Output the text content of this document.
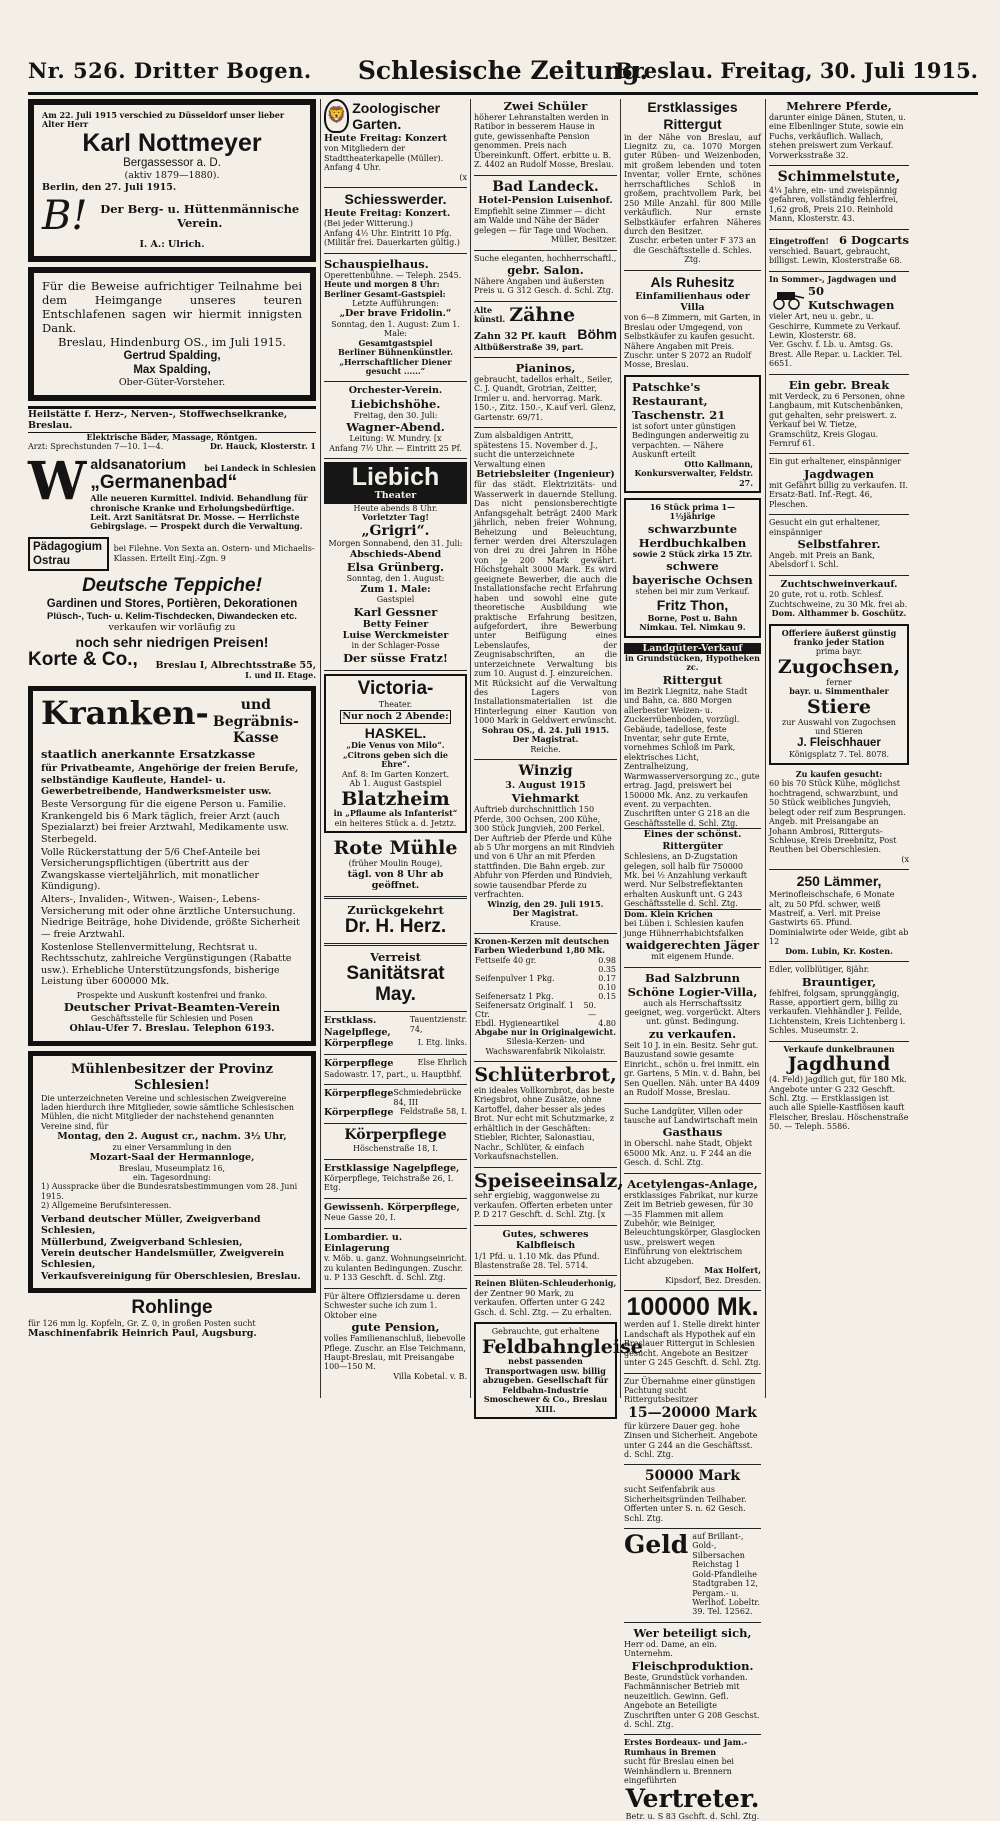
Nr. 526. Dritter Bogen.	Schlesische Zeitung.
Breslau. Freitag, 30. Juli 1915.
Am 22. Juli 1915 verschied zu Düsseldorf unser lieber Alter Herr
Karl Nottmeyer
Bergassessor a. D.
(aktiv 1879—1880).
Berlin, den 27. Juli 1915.
B! Der Berg- u. Hüttenmännische Verein.
I. A.: Ulrich.
Für die Beweise aufrichtiger Teilnahme bei dem Heimgange unseres teuren Entschlafenen sagen wir hiermit innigsten Dank.
Breslau, Hindenburg OS., im Juli 1915.
Gertrud Spalding,
Max Spalding,
Ober-Güter-Vorsteher.
Heilstätte f. Herz-, Nerven-, Stoffwechselkranke, Breslau.
Elektrische Bäder, Massage, Röntgen.
Arzt: Sprechstunden 7—10. 1—4.	Dr. Hauck, Klosterstr. 1
W aldsanatorium bei Landeck in Schlesien
„Germanenbad“
Alle neueren Kurmittel. Individ. Behandlung für chronische Kranke und Erholungsbedürftige. Leit. Arzt Sanitätsrat Dr. Mosse. — Herrlichste Gebirgslage. — Prospekt durch die Verwaltung.
Pädagogium Ostrau
bei Filehne. Von Sexta an. Ostern- und Michaelis-Klassen. Erteilt Einj.-Zgn. 9
Deutsche Teppiche!
Gardinen und Stores, Portièren, Dekorationen
Plüsch-, Tuch- u. Kelim-Tischdecken, Diwandecken etc.
verkaufen wir vorläufig zu
noch sehr niedrigen Preisen!
Korte & Co., Breslau I, Albrechtsstraße 55,
I. und II. Etage.
Kranken-	und Begräbnis-Kasse
staatlich anerkannte Ersatzkasse
für Privatbeamte, Angehörige der freien Berufe, selbständige Kaufleute, Handel- u. Gewerbetreibende, Handwerksmeister usw.
Beste Versorgung für die eigene Person u. Familie. Krankengeld bis 6 Mark täglich, freier Arzt (auch Spezialarzt) bei freier Arztwahl, Medikamente usw. Sterbegeld.
Volle Rückerstattung der 5/6 Chef-Anteile bei Versicherungspflichtigen (übertritt aus der Zwangskasse vierteljährlich, mit monatlicher Kündigung).
Alters-, Invaliden-, Witwen-, Waisen-, Lebens-Versicherung mit oder ohne ärztliche Untersuchung. Niedrige Beiträge, hohe Dividende, größte Sicherheit — freie Arztwahl.
Kostenlose Stellenvermittelung, Rechtsrat u. Rechtsschutz, zahlreiche Vergünstigungen (Rabatte usw.). Erhebliche Unterstützungsfonds, bisherige Leistung über 600000 Mk.
Prospekte und Auskunft kostenfrei und franko.
Deutscher Privat-Beamten-Verein
Geschäftsstelle für Schlesien und Posen
Ohlau-Ufer 7. Breslau. Telephon 6193.
Mühlenbesitzer der Provinz Schlesien!
Die unterzeichneten Vereine und schlesischen Zweigvereine laden hierdurch ihre Mitglieder, sowie sämtliche Schlesischen Mühlen, die nicht Mitglieder der nachstehend genannten Vereine sind, für
Montag, den 2. August cr., nachm. 3½ Uhr,
zu einer Versammlung in den
Mozart-Saal der Hermannloge,
Breslau, Museumplatz 16,
ein. Tagesordnung:
1) Ausspracke über die Bundesratsbestimmungen vom 28. Juni 1915.
2) Allgemeine Berufsinteressen.
Verband deutscher Müller, Zweigverband Schlesien,
Müllerbund, Zweigverband Schlesien,
Verein deutscher Handelsmüller, Zweigverein Schlesien,
Verkaufsvereinigung für Oberschlesien, Breslau.
Rohlinge
für 126 mm lg. Kopfeln, Gr. Z. 0, in großen Posten sucht
Maschinenfabrik Heinrich Paul, Augsburg.
🦁 Zoologischer Garten.
Heute Freitag: Konzert
von Mitgliedern der Stadttheaterkapelle (Müller). Anfang 4 Uhr.
(x
Schiesswerder.
Heute Freitag: Konzert.
(Bei jeder Witterung.)
Anfang 4½ Uhr. Eintritt 10 Pfg. (Militär frei. Dauerkarten gültig.)
Schauspielhaus.
Operettenbühne. — Teleph. 2545.
Heute und morgen 8 Uhr:
Berliner Gesamt-Gastspiel:
Letzte Aufführungen:
„Der brave Fridolin.“
Sonntag, den 1. August: Zum 1. Male:
Gesamtgastspiel
Berliner Bühnenkünstler.
„Herrschaftlicher Diener gesucht ......“
Orchester-Verein.
Liebichshöhe.
Freitag, den 30. Juli:
Wagner-Abend.
Leitung: W. Mundry. [x
Anfang 7½ Uhr. — Eintritt 25 Pf.
Liebich
Theater
Heute abends 8 Uhr.
Vorletzter Tag!
„Grigri“.
Morgen Sonnabend, den 31. Juli:
Abschieds-Abend
Elsa Grünberg.
Sonntag, den 1. August:
Zum 1. Male:
Gastspiel
Karl Gessner
Betty Feiner
Luise Werckmeister
in der Schlager-Posse
Der süsse Fratz!
Victoria-
Theater.
Nur noch 2 Abende:
HASKEL.
„Die Venus von Milo“.
„Citrons geben sich die Ehre“.
Anf. 8: Im Garten Konzert.
Ab 1. August Gastspiel
Blatzheim
in „Pflaume als Infanterist“
ein heiteres Stück a. d. Jetztz.
Rote Mühle
(früher Moulin Rouge),
tägl. von 8 Uhr ab geöffnet.
Zurückgekehrt
Dr. H. Herz.
Verreist
Sanitätsrat May.
Erstklass. Nagelpflege,
Tauentzienstr. 74,
Körperpflege	I. Etg. links.
Körperpflege	Else Ehrlich
Sadowastr. 17, part., u. Hauptbhf.
Körperpflege Schmiedebrücke 84, III
Körperpflege Feldstraße 58, I.
Körperpflege
Höschenstraße 18, I.
Erstklassige Nagelpflege,
Körperpflege, Teichstraße 26, I. Etg.
Gewissenh. Körperpflege,
Neue Gasse 20, I.
Lombardier. u. Einlagerung
v. Möb. u. ganz. Wohnungseinricht. zu kulanten Bedingungen. Zuschr. u. P 133 Geschft. d. Schl. Ztg.
Für ältere Offiziersdame u. deren Schwester suche ich zum 1. Oktober eine
gute Pension,
volles Familienanschluß, liebevolle Pflege. Zuschr. an Else Teichmann, Haupt-Breslau, mit Preisangabe 100—150 M.
Villa Kobetal. v. B.
Zwei Schüler
höherer Lehranstalten werden in Ratibor in besserem Hause in gute, gewissenhafte Pension genommen. Preis nach Übereinkunft. Offert. erbitte u. B. Z. 4402 an Rudolf Mosse, Breslau.
Bad Landeck.
Hotel-Pension Luisenhof.
Empfiehlt seine Zimmer — dicht am Walde und Nähe der Bäder gelegen — für Tage und Wochen.
Müller, Besitzer.
Suche eleganten, hochherrschaftl.,
gebr. Salon.
Nähere Angaben und äußersten Preis u. G 312 Gesch. d. Schl. Ztg.
Alte
künstl. Zähne
Zahn 32 Pf. kauft Böhm
Altbüßerstraße 39, part.
Pianinos,
gebraucht, tadellos erhalt., Seiler, C. J. Quandt, Grotrian, Zeitter, Irmler u. and. hervorrag. Mark. 150.-, Zitz. 150.-, K.auf verl. Glenz, Gartenstr. 69/71.
Zum alsbaldigen Antritt, spätestens 15. November d. J., sucht die unterzeichnete Verwaltung einen
Betriebsleiter (Ingenieur)
für das städt. Elektrizitäts- und Wasserwerk in dauernde Stellung. Das nicht pensionsberechtigte Anfangsgehalt beträgt 2400 Mark jährlich, neben freier Wohnung, Beheizung und Beleuchtung, ferner werden drei Alterszulagen von drei zu drei Jahren in Höhe von je 200 Mark gewährt. Höchstgehalt 3000 Mark. Es wird geeignete Bewerber, die auch die Installationsfache recht Erfahrung haben und sowohl eine gute theoretische Ausbildung wie praktische Erfahrung besitzen, aufgefordert, ihre Bewerbung unter Beifügung eines Lebenslaufes, der Zeugnisabschriften, an die unterzeichnete Verwaltung bis zum 10. August d. J. einzureichen.
Mit Rücksicht auf die Verwaltung des Lagers von Installationsmaterialien ist die Hinterlegung einer Kaution von 1000 Mark in Geldwert erwünscht.
Sohrau OS., d. 24. Juli 1915.
Der Magistrat.
Reiche.
Winzig
3. August 1915
Viehmarkt
Auftrieb durchschnittlich 150 Pferde, 300 Ochsen, 200 Kühe, 300 Stück Jungvieh, 200 Ferkel. Der Auftrieb der Pferde und Kühe ab 5 Uhr morgens an mit Rindvieh und von 6 Uhr an mit Pferden stattfinden. Die Bahn ergeb. zur Abfuhr von Pferden und Rindvieh, sowie tausendbar Pferde zu verfrachten.
Winzig, den 29. Juli 1915.
Der Magistrat.
Krause.
Kronen-Kerzen mit deutschen Farben Wiederbund 1,80 Mk.
Fettseife 40 gr.		0.98
		0.35
Seifenpulver 1 Pkg.		0.17
		0.10
Seifenersatz 1 Pkg.		0.15
Seifenersatz Originalf. 1 Ctr.	50.—	
Ebdl. Hygieneartikel		4.80
Abgabe nur in Originalgewicht.
Silesia-Kerzen- und Wachswarenfabrik Nikolaistr.
Schlüterbrot,
ein ideales Vollkornbrot, das beste Kriegsbrot, ohne Zusätze, ohne Kartoffel, daher besser als jedes Brot. Nur echt mit Schutzmarke, z erhältlich in der Geschäften: Stiebler, Richter, Salonastiau, Nachr., Schlüter, & einfach Vorkaufsnachstellen.
Speiseeinsalz,
sehr ergiebig, waggonweise zu verkaufen. Offerten erbeten unter P. D 217 Geschft. d. Schl. Ztg. [x
Gutes, schweres Kalbfleisch
1/1 Pfd. u. 1.10 Mk. das Pfund. Blastenstraße 28. Tel. 5714.
Reinen Blüten-Schleuderhonig,
der Zentner 90 Mark, zu verkaufen. Offerten unter G 242 Gsch. d. Schl. Ztg. — Zu erhalten.
Gebrauchte, gut erhaltene
Feldbahngleise
nebst passenden Transportwagen usw. billig abzugeben. Gesellschaft für Feldbahn-Industrie Smoschewer & Co., Breslau XIII.
Erstklassiges Rittergut
in der Nähe von Breslau, auf Liegnitz zu, ca. 1070 Morgen guter Rüben- und Weizenboden, mit großem lebenden und toten Inventar, voller Ernte, schönes herrschaftliches Schloß in großem, prachtvollem Park, bei 250 Mille Anzahl. für 800 Mille verkäuflich. Nur ernste Selbstkäufer erfahren Näheres durch den Besitzer.
Zuschr. erbeten unter F 373 an die Geschäftsstelle d. Schles. Ztg.
Als Ruhesitz
Einfamilienhaus oder Villa
von 6—8 Zimmern, mit Garten, in Breslau oder Umgegend, von Selbstkäufer zu kaufen gesucht. Nähere Angaben mit Preis. Zuschr. unter S 2072 an Rudolf Mosse, Breslau.
Patschke's Restaurant, Taschenstr. 21
ist sofort unter günstigen Bedingungen anderweitig zu verpachten. — Nähere Auskunft erteilt
Otto Kallmann, Konkursverwalter, Feldstr. 27.
16 Stück prima 1—1½jährige
schwarzbunte Herdbuchkalben
sowie 2 Stück zirka 15 Ztr.
schwere bayerische Ochsen
stehen bei mir zum Verkauf.
Fritz Thon,
Borne, Post u. Bahn Nimkau. Tel. Nimkau 9.
Landgüter-Verkauf
in Grundstücken, Hypotheken zc.
Rittergut
im Bezirk Liegnitz, nahe Stadt und Bahn, ca. 880 Morgen allerbester Weizen- u. Zuckerrübenboden, vorzügl. Gebäude, tadellose, feste Inventar, sehr gute Ernte, vornehmes Schloß im Park, elektrisches Licht, Zentralheizung, Warmwasserversorgung zc., gute ertrag. Jagd, preiswert bei 150000 Mk. Anz. zu verkaufen event. zu verpachten. Zuschriften unter G 218 an die Geschäftsstelle d. Schl. Ztg.
Eines der schönst. Rittergüter
Schlesiens, an D-Zugstation gelegen, soll halb für 750000 Mk. bei ½ Anzahlung verkauft werd. Nur Selbstreflektanten erhalten Auskunft unt. G 243 Geschäftsstelle d. Schl. Ztg.
Dom. Klein Krichen
bei Lüben i. Schlesien kaufen junge Hühnerrhabichtsfalken
waidgerechten Jäger
mit eigenem Hunde.
Bad Salzbrunn
Schöne Logier-Villa,
auch als Herrschaftssitz geeignet, weg. vorgerückt. Alters unt. günst. Bedingung.
zu verkaufen.
Seit 10 J. in ein. Besitz. Sehr gut. Bauzustand sowie gesamte Einricht., schön u. frei inmitt. ein gr. Gartens, 5 Min. v. d. Bahn, bei Sen Quellen. Näh. unter BA 4409 an Rudolf Mosse, Breslau.
Suche Landgüter, Villen oder tausche auf Landwirtschaft mein
Gasthaus
in Oberschl. nahe Stadt, Objekt 65000 Mk. Anz. u. F 244 an die Gesch. d. Schl. Ztg.
Acetylengas-Anlage,
erstklassiges Fabrikat, nur kurze Zeit im Betrieb gewesen, für 30—35 Flammen mit allem Zubehör, wie Beiniger, Beleuchtungskörper, Glasglocken usw., preiswert wegen Einführung von elektrischem Licht abzugeben.
Max Holfert,
Kipsdorf, Bez. Dresden.
100000 Mk.
werden auf 1. Stelle direkt hinter Landschaft als Hypothek auf ein Breslauer Rittergut in Schlesien gesucht. Angebote an Besitzer unter G 245 Geschft. d. Schl. Ztg.
Zur Übernahme einer günstigen Pachtung sucht Rittergutsbesitzer
15—20000 Mark
für kürzere Dauer geg. hohe Zinsen und Sicherheit. Angebote unter G 244 an die Geschäftsst. d. Schl. Ztg.
50000 Mark
sucht Seifenfabrik aus Sicherheitsgründen Teilhaber. Offerten unter S. n. 62 Gesch. Schl. Ztg.
Geld auf Brillant-, Gold-, Silbersachen Reichstag 1 Gold-Pfandleihe Stadtgraben 12, Pergam.- u. Werlhof. Lobeltr. 39. Tel. 12562.
Wer beteiligt sich,
Herr od. Dame, an ein. Unternehm.
Fleischproduktion.
Beste, Grundstück vorhanden. Fachmännischer Betrieb mit neuzeitlich. Gewinn. Gefl. Angebote an Beteiligte Zuschriften unter G 208 Geschst. d. Schl. Ztg.
Erstes Bordeaux- und Jam.-Rumhaus in Bremen
sucht für Breslau einen bei Weinhändlern u. Brennern eingeführten
Vertreter.
Betr. u. S 83 Gschft. d. Schl. Ztg.
Mehrere Pferde,
darunter einige Dänen, Stuten, u. eine Elbenlinger Stute, sowie ein Fuchs, verkäuflich. Wallach, stehen preiswert zum Verkauf. Vorwerksstraße 32.
Schimmelstute,
4¼ Jahre, ein- und zweispännig gefahren, vollständig fehlerfrei, 1,62 groß, Preis 210. Reinhold Mann, Klosterstr. 43.
Eingetroffen! 6 Dogcarts
verschied. Bauart, gebraucht, billigst. Lewin, Klosterstraße 68.
In Sommer-, Jagdwagen und
50 Kutschwagen
vieler Art, neu u. gebr., u. Geschirre, Kummete zu Verkauf. Lewin, Klosterstr. 68.
Ver. Gschv. f. Lb. u. Amtsg. Gs. Brest. Alle Repar. u. Lackier. Tel. 6651.
Ein gebr. Break
mit Verdeck, zu 6 Personen, ohne Langbaum, mit Kutschenbänken, gut gehalten, sehr preiswert. z. Verkauf bei W. Tietze, Gramschütz, Kreis Glogau. Fernruf 61.
Ein gut erhaltener, einspänniger
Jagdwagen
mit Gefährt billig zu verkaufen. II. Ersatz-Batl. Inf.-Regt. 46, Pleschen.
Gesucht ein gut erhaltener, einspänniger
Selbstfahrer.
Angeb. mit Preis an Bank, Abelsdorf i. Schl.
Zuchtschweinverkauf.
20 gute, rot u. rotb. Schlesf. Zuchtschweine, zu 30 Mk. frei ab.
Dom. Althammer b. Goschütz.
Offeriere äußerst günstig franko jeder Station
prima bayr.
Zugochsen,
ferner
bayr. u. Simmenthaler
Stiere
zur Auswahl von Zugochsen und Stieren
J. Fleischhauer
Königsplatz 7. Tel. 8078.
Zu kaufen gesucht:
60 bis 70 Stück Kühe, möglichst hochtragend, schwarzbunt, und 50 Stück weibliches Jungvieh, belegt oder reif zum Besprungen. Angeb. mit Preisangabe an Johann Ambrosi, Ritterguts-Schleuse, Kreis Dreebnitz, Post Reuthen bei Oberschlesien.
(x
250 Lämmer,
Merinofleischschafe, 6 Monate alt, zu 50 Pfd. schwer, weiß Mastreif, a. Verl. mit Preise Gastwirts 65. Pfund. Dominialwirte oder Weide, gibt ab 12
Dom. Lubin, Kr. Kosten.
Edler, vollblütiger, 8jähr.
Brauntiger,
fehlfrei, folgsam, sprunggängig, Rasse, apportiert gern, billig zu verkaufen. Viehhändler J. Feilde, Lichtenstein, Kreis Lichtenberg i. Schles. Museumstr. 2.
Verkaufe dunkelbraunen
Jagdhund
(4. Feld) jagdlich gut, für 180 Mk. Angebote unter G 232 Geschft. Schl. Ztg. — Erstklassigen ist auch alle Spielle-Kastflösen kauft Fleischer, Breslau. Höschenstraße 50. — Teleph. 5586.
